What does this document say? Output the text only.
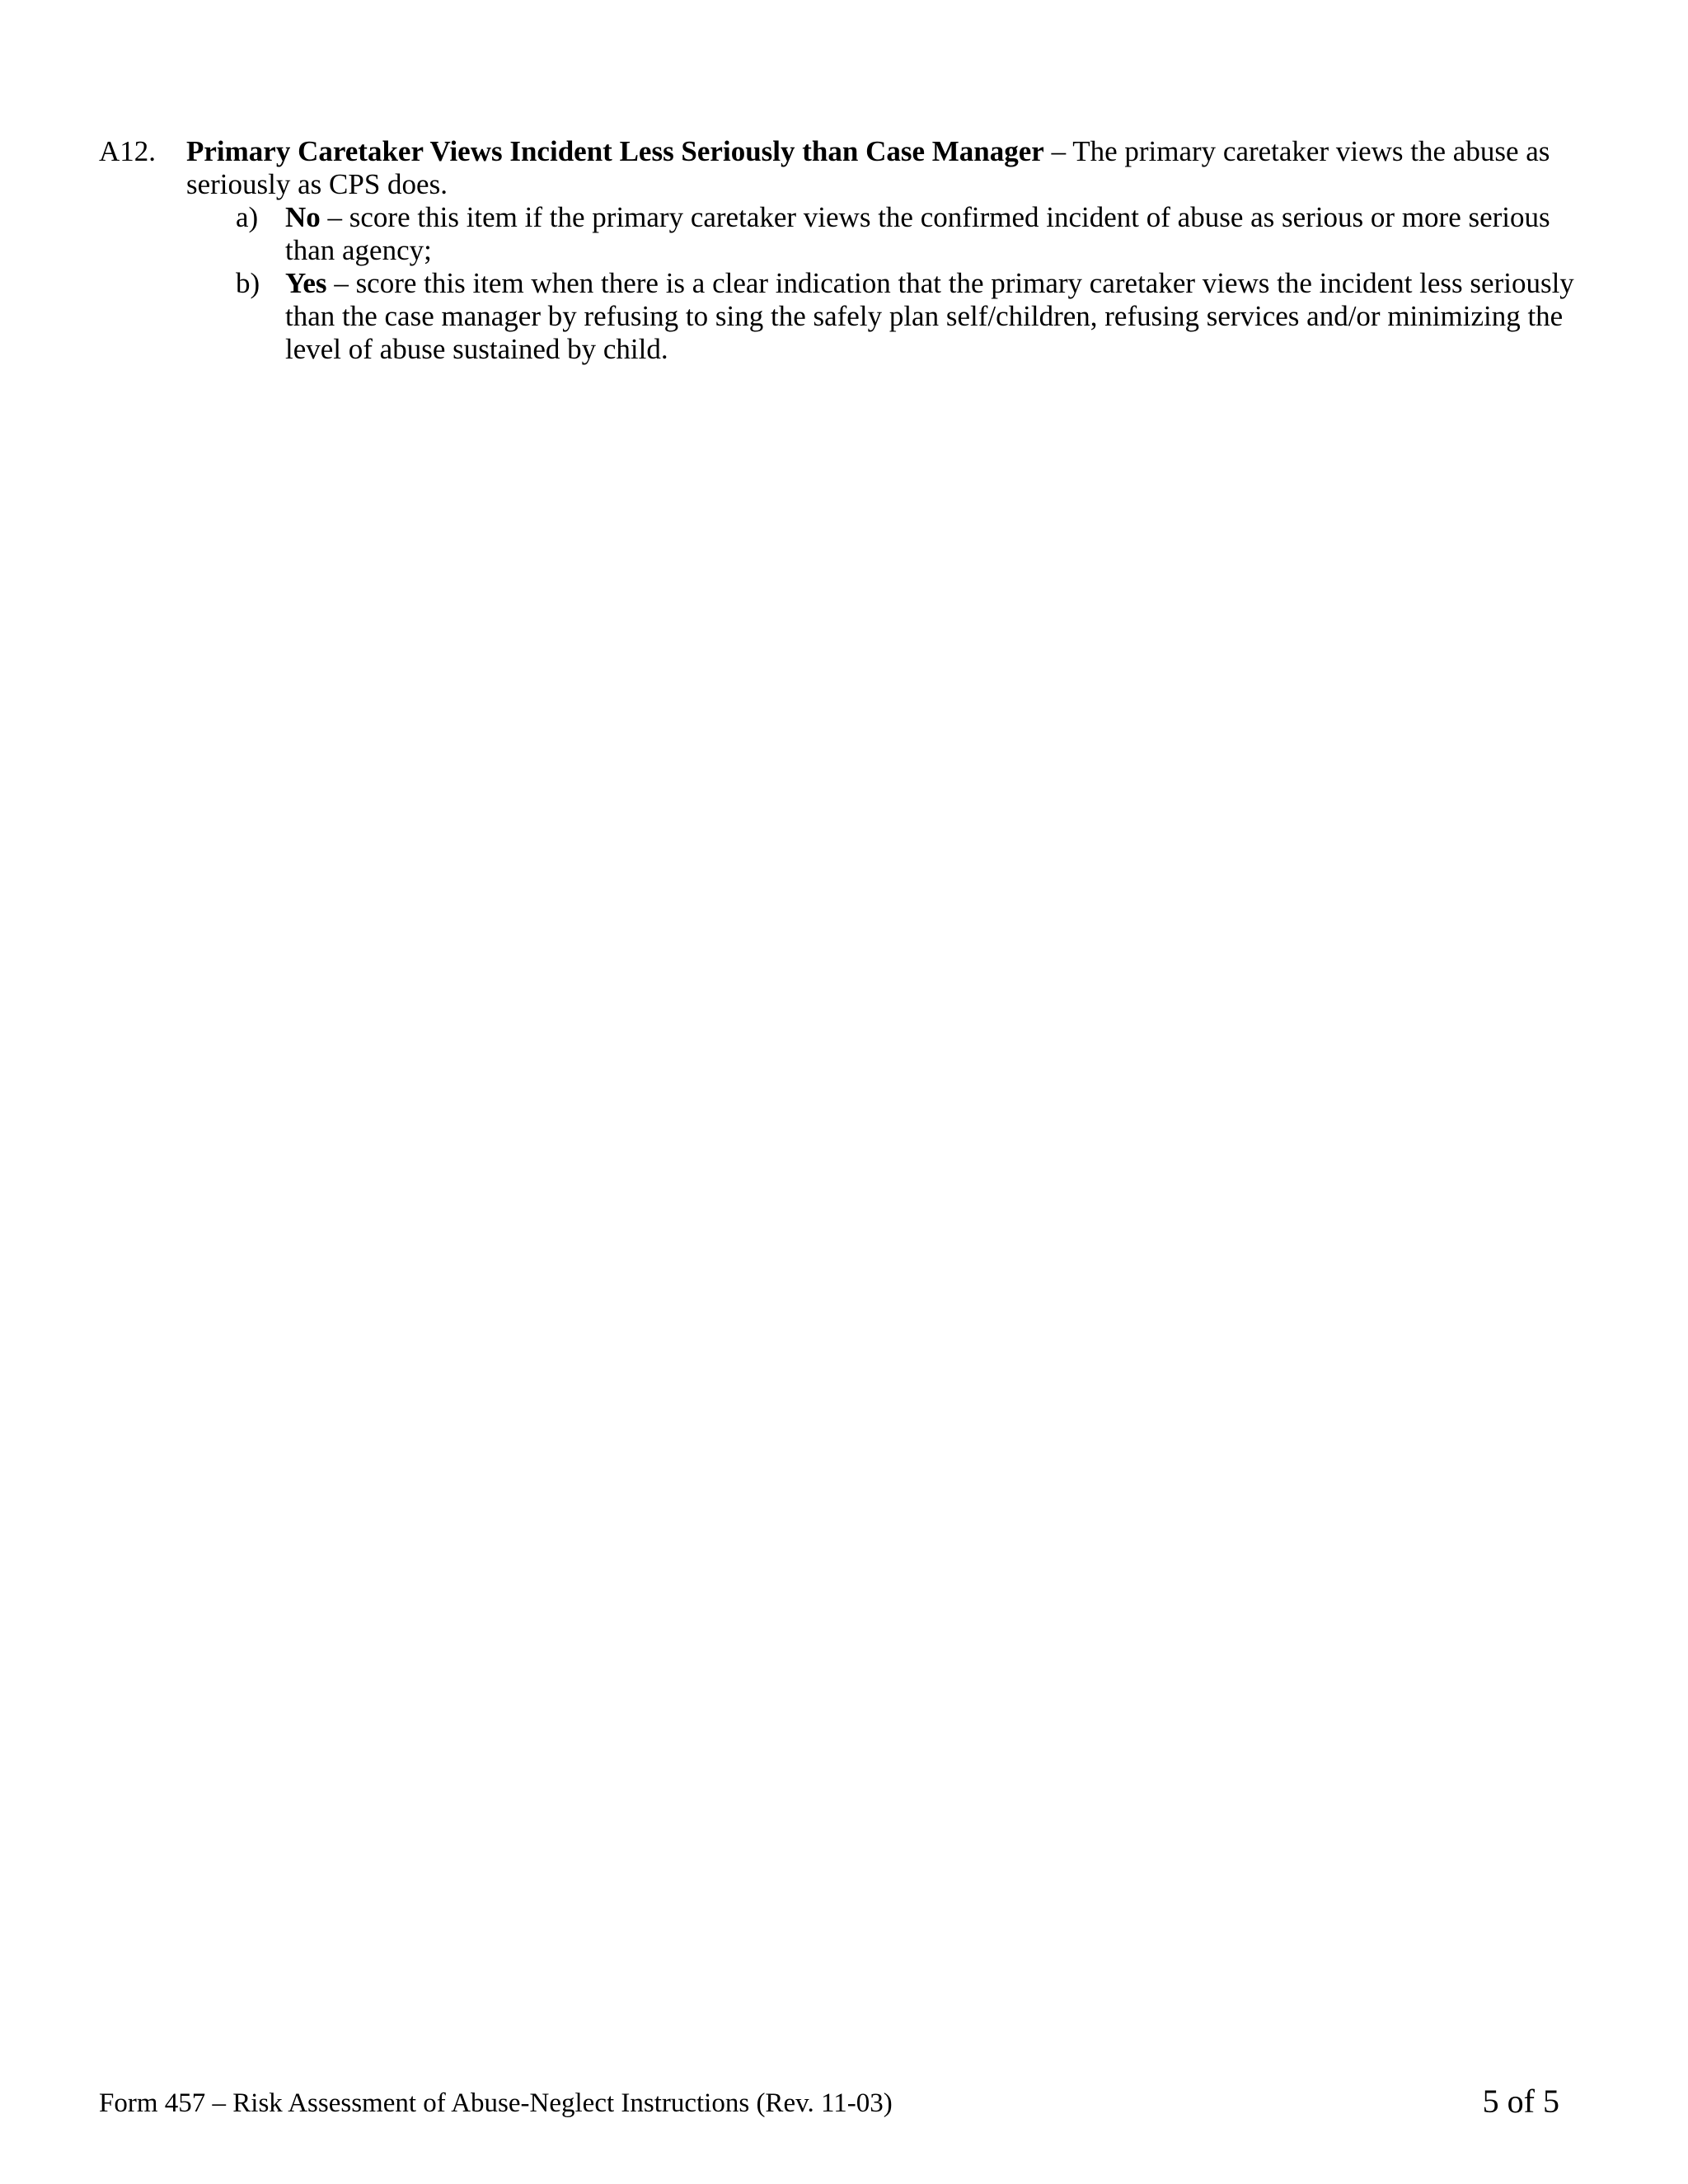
A12. Primary Caretaker Views Incident Less Seriously than Case Manager – The primary caretaker views the abuse as seriously as CPS does.
a) No – score this item if the primary caretaker views the confirmed incident of abuse as serious or more serious than agency;
b) Yes – score this item when there is a clear indication that the primary caretaker views the incident less seriously than the case manager by refusing to sing the safely plan self/children, refusing services and/or minimizing the level of abuse sustained by child.
Form 457 – Risk Assessment of Abuse-Neglect Instructions (Rev. 11-03)	5 of 5
